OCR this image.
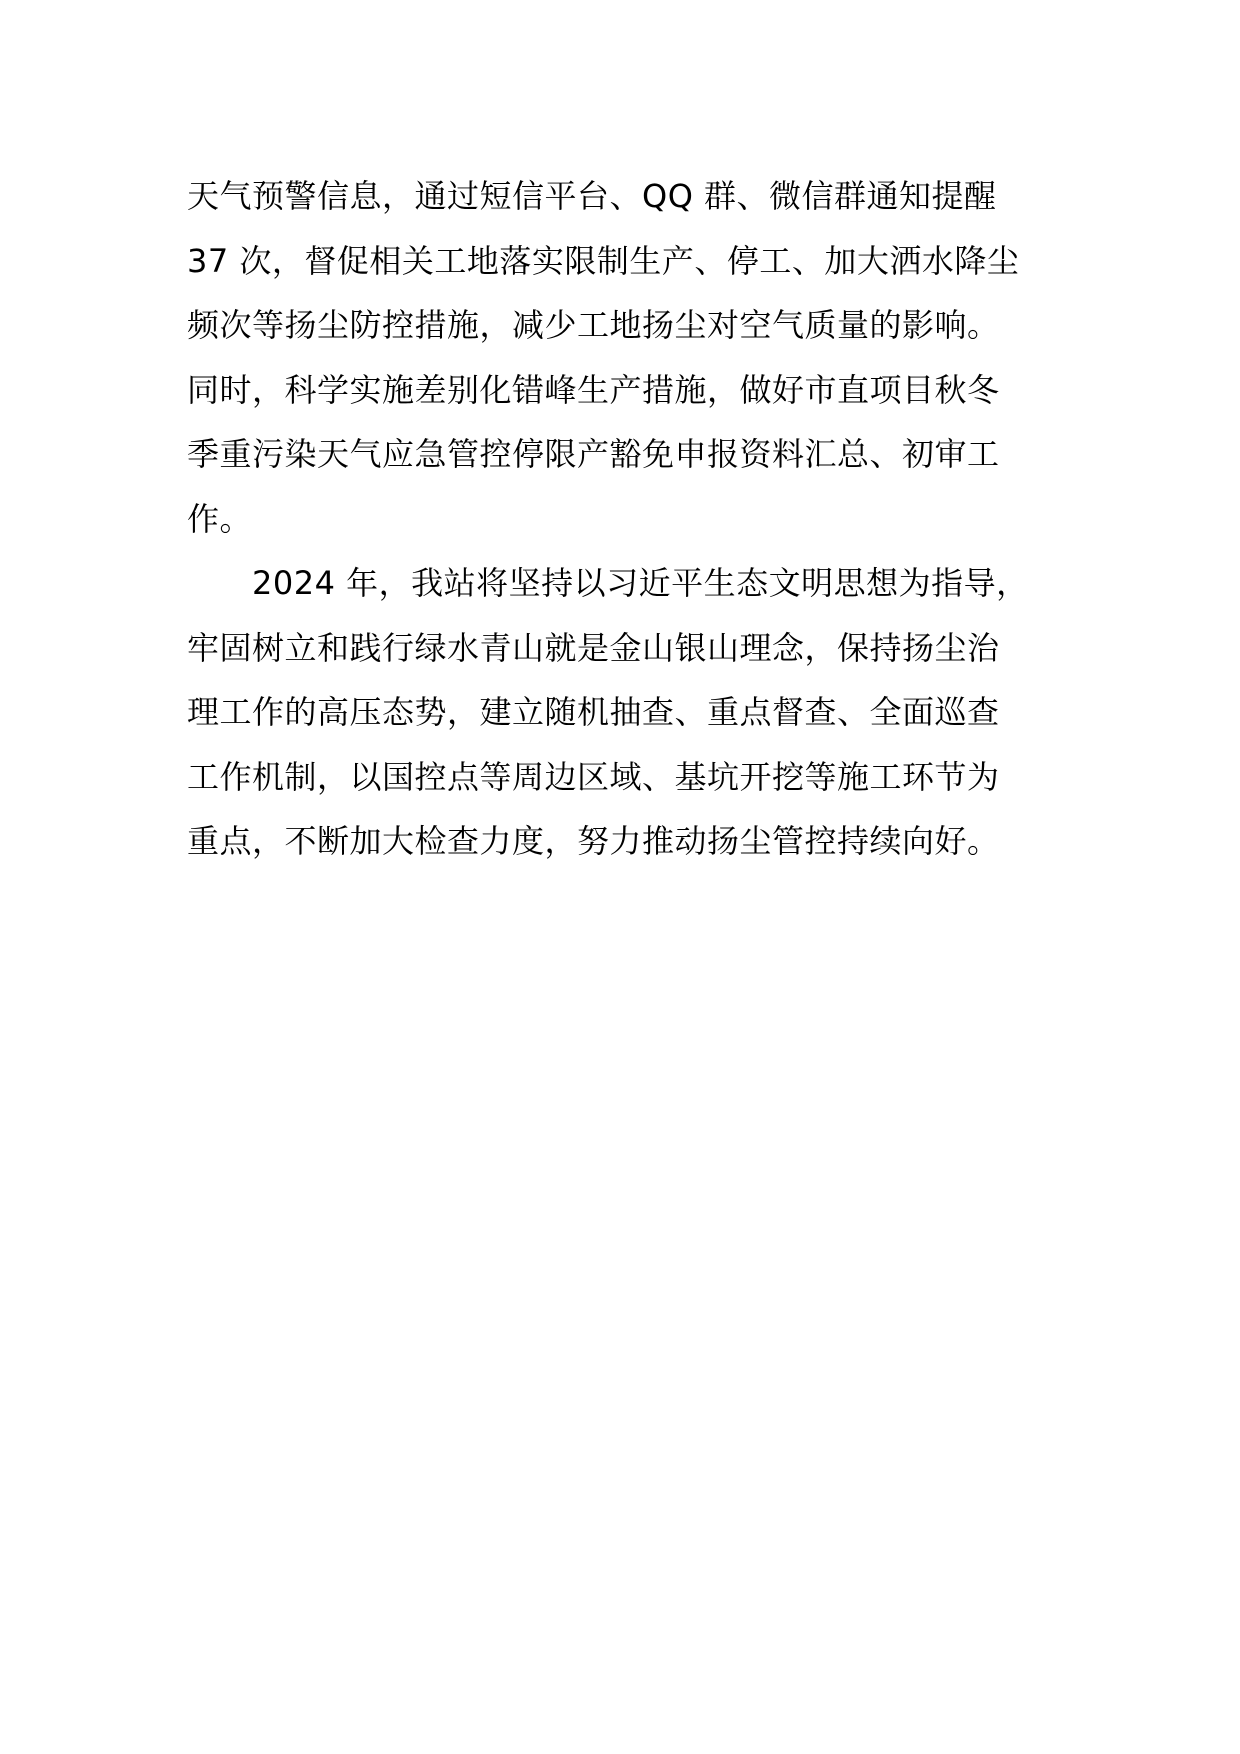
天气预警信息，通过短信平台、QQ 群、微信群通知提醒
37 次，督促相关工地落实限制生产、停工、加大洒水降尘
频次等扬尘防控措施，减少工地扬尘对空气质量的影响。
同时，科学实施差别化错峰生产措施，做好市直项目秋冬
季重污染天气应急管控停限产豁免申报资料汇总、初审工
作。
　　2024 年，我站将坚持以习近平生态文明思想为指导，
牢固树立和践行绿水青山就是金山银山理念，保持扬尘治
理工作的高压态势，建立随机抽查、重点督查、全面巡查
工作机制，以国控点等周边区域、基坑开挖等施工环节为
重点，不断加大检查力度，努力推动扬尘管控持续向好。
